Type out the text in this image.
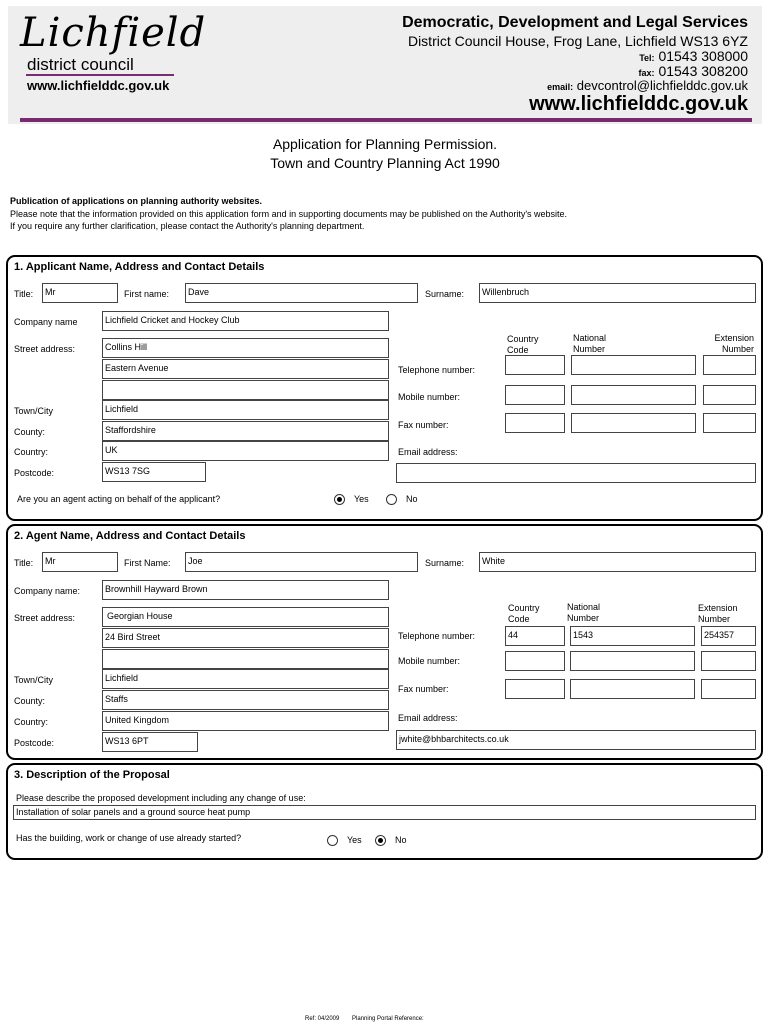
Lichfield
district council
www.lichfielddc.gov.uk
Democratic, Development and Legal Services
District Council House, Frog Lane, Lichfield WS13 6YZ
Tel: 01543 308000
fax: 01543 308200
email: devcontrol@lichfielddc.gov.uk
www.lichfielddc.gov.uk
Application for Planning Permission.
Town and Country Planning Act 1990
Publication of applications on planning authority websites.
Please note that the information provided on this application form and in supporting documents may be published on the Authority's website.
If you require any further clarification, please contact the Authority's planning department.
1. Applicant Name, Address and Contact Details
Title:	Mr	First name:	Dave	Surname:	Willenbruch
Company name	Lichfield Cricket and Hockey Club
Street address:	Collins Hill
Eastern Avenue
Town/City	Lichfield
County:	Staffordshire
Country:	UK
Postcode:	WS13 7SG
Country Code
National Number
Extension Number
Telephone number:
Mobile number:
Fax number:
Email address:
Are you an agent acting on behalf of the applicant?	Yes	No
2. Agent Name, Address and Contact Details
Title:	Mr	First Name:	Joe	Surname:	White
Company name:	Brownhill Hayward Brown
Street address:	Georgian House
24 Bird Street
Town/City	Lichfield
County:	Staffs
Country:	United Kingdom
Postcode:	WS13 6PT
Country Code
National Number
Extension Number
Telephone number:	44	1543	254357
Mobile number:
Fax number:
Email address:
jwhite@bhbarchitects.co.uk
3. Description of the Proposal
Please describe the proposed development including any change of use:
Installation of solar panels and a ground source heat pump
Has the building, work or change of use already started?	Yes	No
Ref: 04/2009 Planning Portal Reference:
